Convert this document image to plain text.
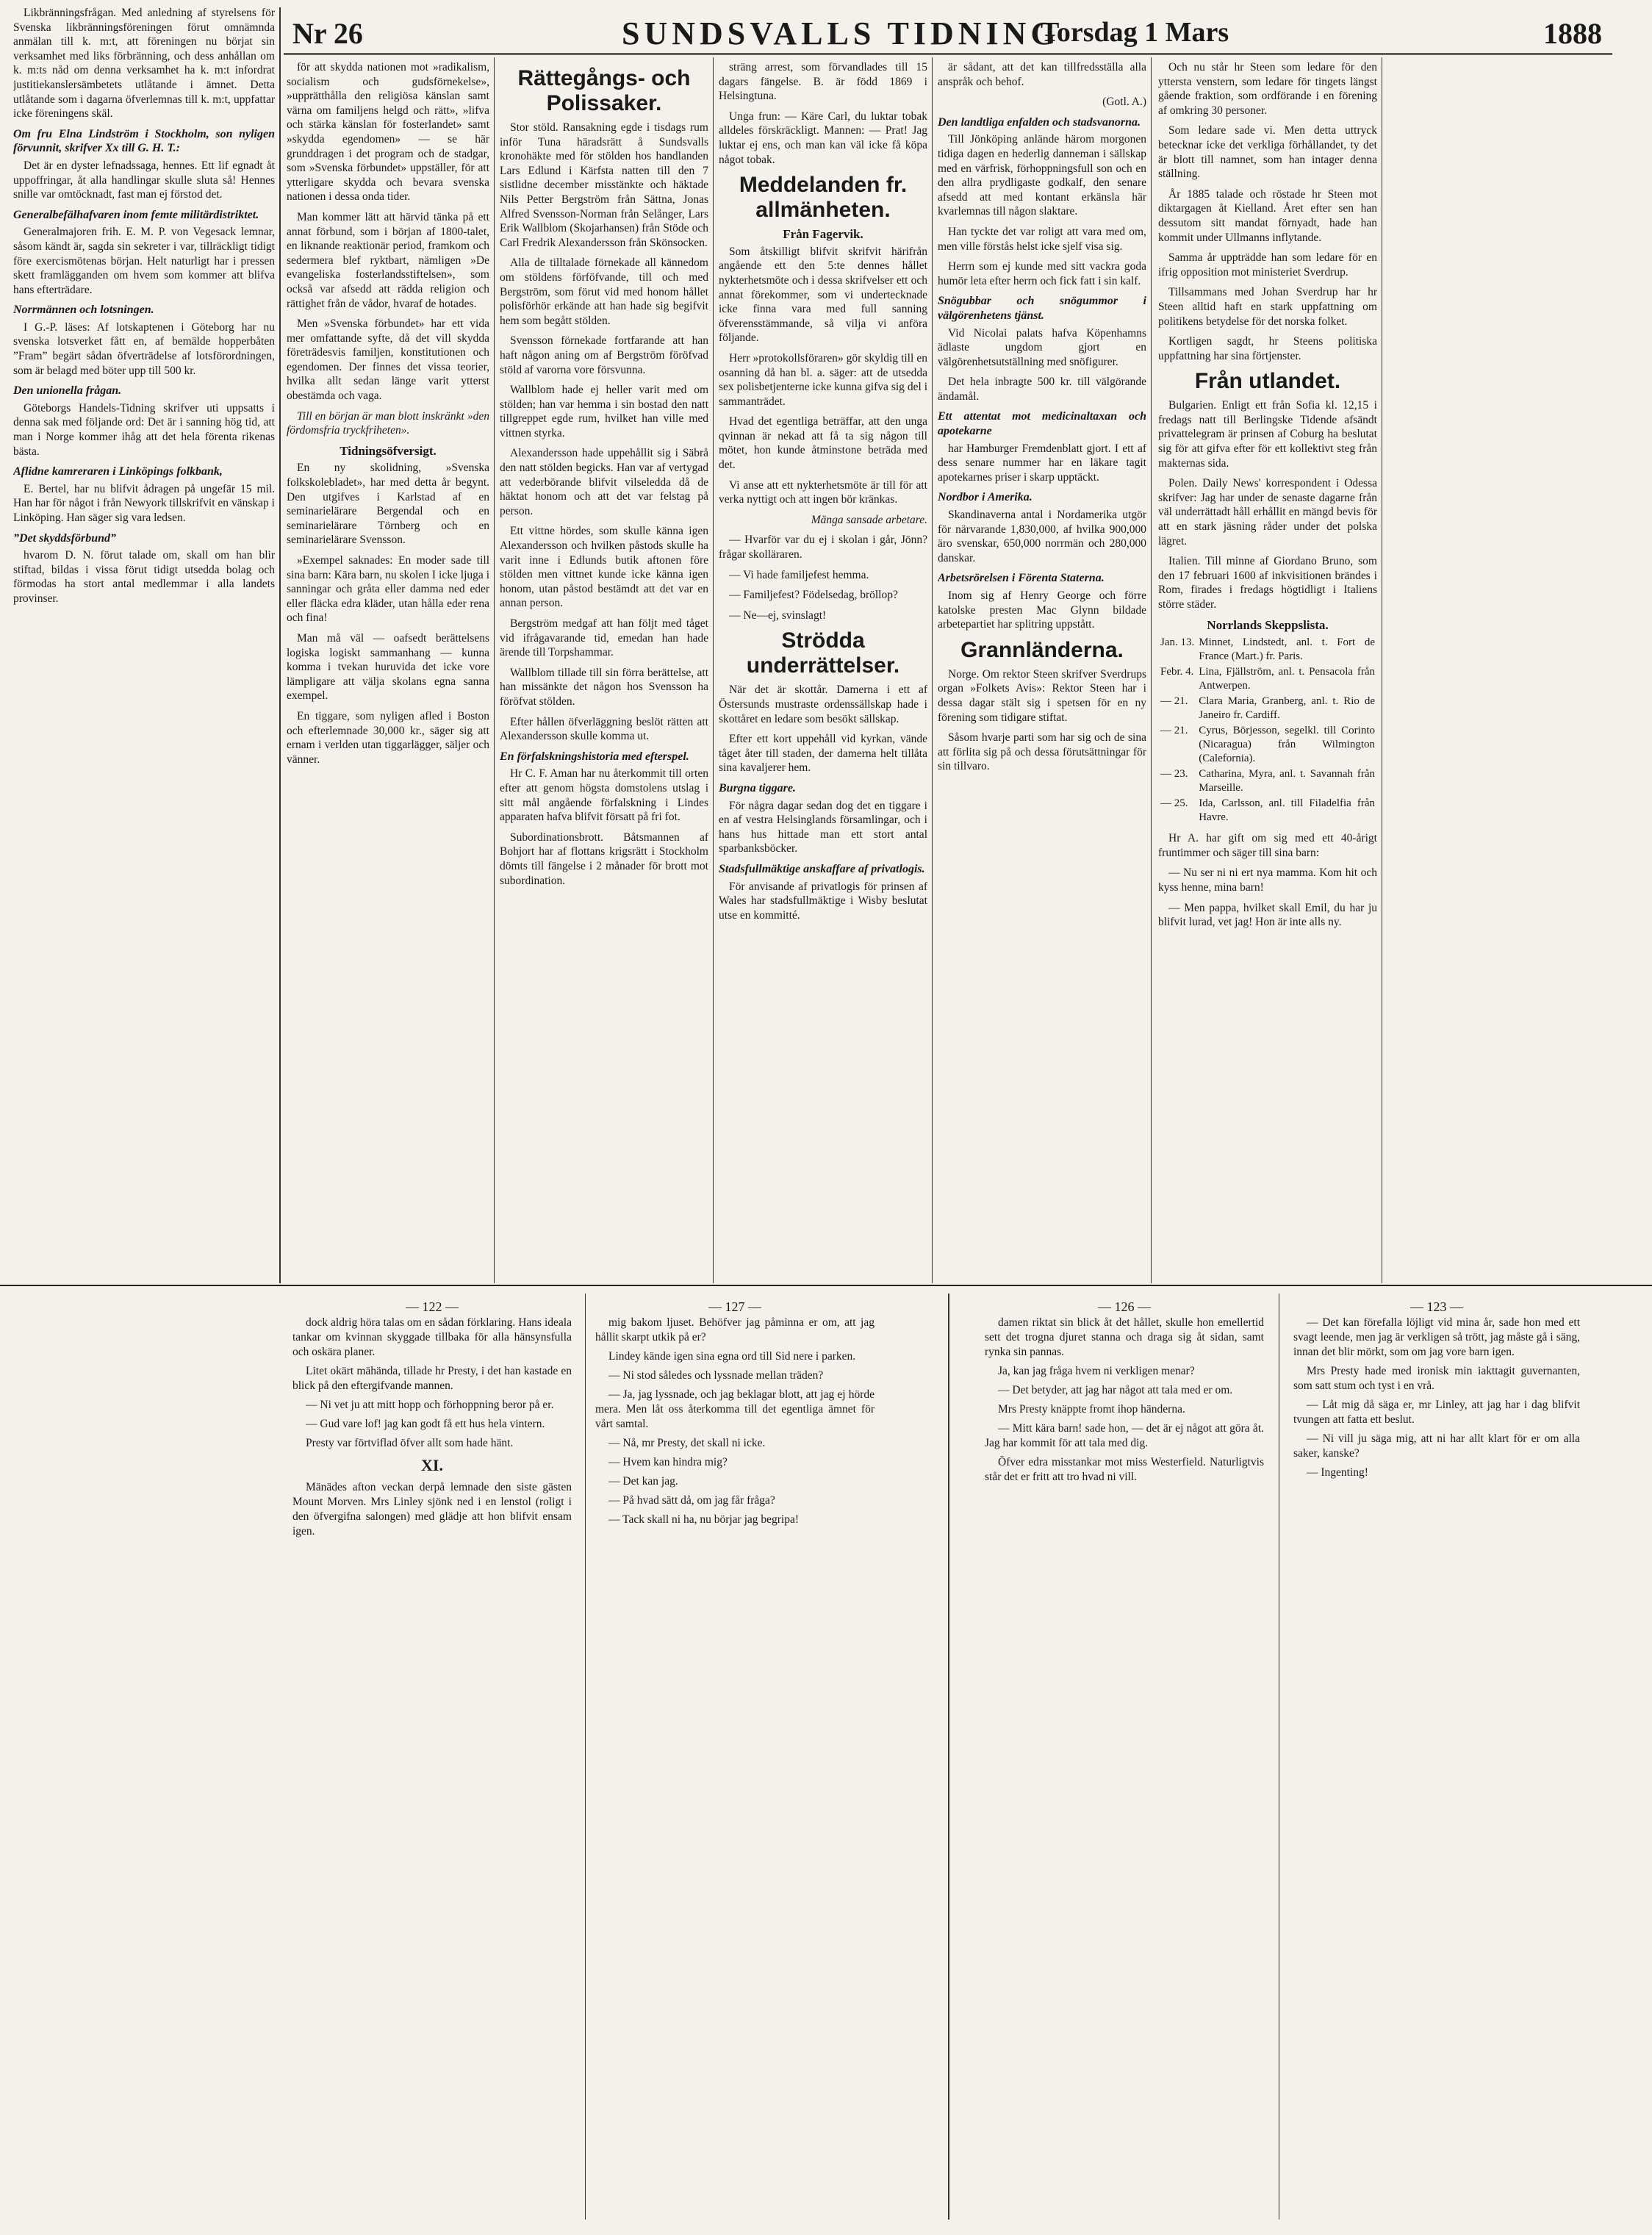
Nr 26	SUNDSVALLS TIDNING
Torsdag 1 Mars	1888

Likbränningsfrågan. Med anledning af styrelsens för Svenska likbränningsföreningen förut omnämnda anmälan till k. m:t, att föreningen nu börjat sin verksamhet med liks förbränning, och dess anhållan om k. m:ts nåd om denna verksamhet ha k. m:t infordrat justitiekanslersämbetets utlåtande i ämnet. Detta utlåtande som i dagarna öfverlemnas till k. m:t, uppfattar icke föreningens skäl.

Om fru Elna Lindström i Stockholm, son nyligen förvunnit, skrifver Xx till G. H. T.:

Det är en dyster lefnadssaga, hennes. Ett lif egnadt åt uppoffringar, åt alla handlingar skulle sluta så! Hennes snille var omtöcknadt, fast man ej förstod det.

Generalbefälhafvaren inom femte militärdistriktet.

Generalmajoren frih. E. M. P. von Vegesack lemnar, såsom kändt är, sagda sin sekreter i var, tillräckligt tidigt före exercismötenas början. Helt naturligt har i pressen skett framlägganden om hvem som kommer att blifva hans efterträdare.

Norrmännen och lotsningen.

I G.-P. läses: Af lotskaptenen i Göteborg har nu svenska lotsverket fått en, af bemälde hopperbåten ”Fram” begärt sådan öfverträdelse af lotsförordningen, som är belagd med böter upp till 500 kr.

Den unionella frågan.

Göteborgs Handels-Tidning skrifver uti uppsatts i denna sak med följande ord: Det är i sanning hög tid, att man i Norge kommer ihåg att det hela förenta rikenas bästa.

Aflidne kamreraren i Linköpings folkbank,

E. Bertel, har nu blifvit ådragen på ungefär 15 mil. Han har för något i från Newyork tillskrifvit en vänskap i Linköping. Han säger sig vara ledsen.

”Det skyddsförbund”

hvarom D. N. förut talade om, skall om han blir stiftad, bildas i vissa förut tidigt utsedda bolag och förmodas ha stort antal medlemmar i alla landets provinser.

för att skydda nationen mot »radikalism, socialism och gudsförnekelse», »upprätthålla den religiösa känslan samt värna om familjens helgd och rätt», »lifva och stärka känslan för fosterlandet» samt »skydda egendomen» — se här grunddragen i det program och de stadgar, som »Svenska förbundet» uppställer, för att ytterligare skydda och bevara svenska nationen i dessa onda tider.

Man kommer lätt att härvid tänka på ett annat förbund, som i början af 1800-talet, en liknande reaktionär period, framkom och sedermera blef ryktbart, nämligen »De evangeliska fosterlandsstiftelsen», som också var afsedd att rädda religion och rättighet från de vådor, hvaraf de hotades.

Men »Svenska förbundet» har ett vida mer omfattande syfte, då det vill skydda företrädesvis familjen, konstitutionen och egendomen. Der finnes det vissa teorier, hvilka allt sedan länge varit ytterst obestämda och vaga.

Till en början är man blott inskränkt »den fördomsfria tryckfriheten».

Tidningsöfversigt.

En ny skolidning, »Svenska folkskolebladet», har med detta år begynt. Den utgifves i Karlstad af en seminarielärare Bergendal och en seminarielärare Törnberg och en seminarielärare Svensson.

»Exempel saknades: En moder sade till sina barn: Kära barn, nu skolen I icke ljuga i sanningar och gråta eller damma ned eder eller fläcka edra kläder, utan hålla eder rena och fina!

Man må väl — oafsedt berättelsens logiska logiskt sammanhang — kunna komma i tvekan huruvida det icke vore lämpligare att välja skolans egna sanna exempel.

En tiggare, som nyligen afled i Boston och efterlemnade 30,000 kr., säger sig att ernam i verlden utan tiggarlägger, säljer och vänner.

Rättegångs- och Polissaker.

Stor stöld. Ransakning egde i tisdags rum inför Tuna häradsrätt å Sundsvalls kronohäkte med för stölden hos handlanden Lars Edlund i Kärfsta natten till den 7 sistlidne december misstänkte och häktade Nils Petter Bergström från Sättna, Jonas Alfred Svensson-Norman från Selånger, Lars Erik Wallblom (Skojarhansen) från Stöde och Carl Fredrik Alexandersson från Skönsocken.

Alla de tilltalade förnekade all kännedom om stöldens förföfvande, till och med Bergström, som förut vid med honom hållet polisförhör erkände att han hade sig begifvit hem som begått stölden.

Svensson förnekade fortfarande att han haft någon aning om af Bergström föröfvad stöld af varorna vore försvunna.

Wallblom hade ej heller varit med om stölden; han var hemma i sin bostad den natt tillgreppet egde rum, hvilket han ville med vittnen styrka.

Alexandersson hade uppehållit sig i Säbrå den natt stölden begicks. Han var af vertygad att vederbörande blifvit vilseledda då de häktat honom och att det var felstag på person.

Ett vittne hördes, som skulle känna igen Alexandersson och hvilken påstods skulle ha varit inne i Edlunds butik aftonen före stölden men vittnet kunde icke känna igen honom, utan påstod bestämdt att det var en annan person.

Bergström medgaf att han följt med tåget vid ifrågavarande tid, emedan han hade ärende till Torpshammar.

Wallblom tillade till sin förra berättelse, att han missänkte det någon hos Svensson ha föröfvat stölden.

Efter hållen öfverläggning beslöt rätten att Alexandersson skulle komma ut.

En förfalskningshistoria med efterspel.

Hr C. F. Aman har nu återkommit till orten efter att genom högsta domstolens utslag i sitt mål angående förfalskning i Lindes apparaten hafva blifvit försatt på fri fot.

Subordinationsbrott. Båtsmannen af Bohjort har af flottans krigsrätt i Stockholm dömts till fängelse i 2 månader för brott mot subordination.

sträng arrest, som förvandlades till 15 dagars fängelse. B. är född 1869 i Helsingtuna.

Unga frun: — Käre Carl, du luktar tobak alldeles förskräckligt. Mannen: — Prat! Jag luktar ej ens, och man kan väl icke få köpa något tobak.

Meddelanden fr. allmänheten.
Från Fagervik.

Som åtskilligt blifvit skrifvit härifrån angående ett den 5:te dennes hållet nykterhetsmöte och i dessa skrifvelser ett och annat förekommer, som vi undertecknade icke finna vara med full sanning öfverensstämmande, så vilja vi anföra följande.

Herr »protokollsföraren» gör skyldig till en osanning då han bl. a. säger: att de utsedda sex polisbetjenterne icke kunna gifva sig del i sammanträdet.

Hvad det egentliga beträffar, att den unga qvinnan är nekad att få ta sig någon till mötet, hon kunde åtminstone beträda med det.

Vi anse att ett nykterhetsmöte är till för att verka nyttigt och att ingen bör kränkas.

Mänga sansade arbetare.

— Hvarför var du ej i skolan i går, Jönn? frågar skolläraren.

— Vi hade familjefest hemma.

— Familjefest? Födelsedag, bröllop?

— Ne—ej, svinslagt!

Strödda underrättelser.

När det är skottår. Damerna i ett af Östersunds mustraste ordenssällskap hade i skottåret en ledare som besökt sällskap.

Efter ett kort uppehåll vid kyrkan, vände tåget åter till staden, der damerna helt tillåta sina kavaljerer hem.

Burgna tiggare.

För några dagar sedan dog det en tiggare i en af vestra Helsinglands församlingar, och i hans hus hittade man ett stort antal sparbanksböcker.

Stadsfullmäktige anskaffare af privatlogis.

För anvisande af privatlogis för prinsen af Wales har stadsfullmäktige i Wisby beslutat utse en kommitté.

är sådant, att det kan tillfredsställa alla anspråk och behof.

(Gotl. A.)

Den landtliga enfalden och stadsvanorna.

Till Jönköping anlände härom morgonen tidiga dagen en hederlig danneman i sällskap med en värfrisk, förhoppningsfull son och en den allra prydligaste godkalf, den senare afsedd att med kontant erkänsla här kvarlemnas till någon slaktare.

Han tyckte det var roligt att vara med om, men ville förstås helst icke sjelf visa sig.

Herrn som ej kunde med sitt vackra goda humör leta efter herrn och fick fatt i sin kalf.

Snögubbar och snögummor i välgörenhetens tjänst.

Vid Nicolai palats hafva Köpenhamns ädlaste ungdom gjort en välgörenhetsutställning med snöfigurer.

Det hela inbragte 500 kr. till välgörande ändamål.

Ett attentat mot medicinaltaxan och apotekarne

har Hamburger Fremdenblatt gjort. I ett af dess senare nummer har en läkare tagit apotekarnes priser i skarp upptäckt.

Nordbor i Amerika.

Skandinaverna antal i Nordamerika utgör för närvarande 1,830,000, af hvilka 900,000 äro svenskar, 650,000 norrmän och 280,000 danskar.

Arbetsrörelsen i Förenta Staterna.

Inom sig af Henry George och förre katolske presten Mac Glynn bildade arbetepartiet har splitring uppstått.

Grannländerna.

Norge. Om rektor Steen skrifver Sverdrups organ »Folkets Avis»: Rektor Steen har i dessa dagar stält sig i spetsen för en ny förening som tidigare stiftat.

Såsom hvarje parti som har sig och de sina att förlita sig på och dessa förutsättningar för sin tillvaro.

Och nu står hr Steen som ledare för den yttersta venstern, som ledare för tingets längst gående fraktion, som ordförande i en förening af omkring 30 personer.

Som ledare sade vi. Men detta uttryck betecknar icke det verkliga förhållandet, ty det är blott till namnet, som han intager denna ställning.

År 1885 talade och röstade hr Steen mot diktargagen åt Kielland. Året efter sen han dessutom sitt mandat förnyadt, hade han kommit under Ullmanns inflytande.

Samma år uppträdde han som ledare för en ifrig opposition mot ministeriet Sverdrup.

Tillsammans med Johan Sverdrup har hr Steen alltid haft en stark uppfattning om politikens betydelse för det norska folket.

Kortligen sagdt, hr Steens politiska uppfattning har sina förtjenster.

Från utlandet.

Bulgarien. Enligt ett från Sofia kl. 12,15 i fredags natt till Berlingske Tidende afsändt privattelegram är prinsen af Coburg ha beslutat sig för att gifva efter för ett kollektivt steg från makternas sida.

Polen. Daily News' korrespondent i Odessa skrifver: Jag har under de senaste dagarne från väl underrättadt håll erhållit en mängd bevis för att en stark jäsning råder under det polska lägret.

Italien. Till minne af Giordano Bruno, som den 17 februari 1600 af inkvisitionen brändes i Rom, firades i fredags högtidligt i Italiens större städer.

Norrlands Skeppslista.
Jan. 13.	Minnet, Lindstedt, anl. t. Fort de France (Mart.) fr. Paris.
Febr. 4.	Lina, Fjällström, anl. t. Pensacola från Antwerpen.
— 21.	Clara Maria, Granberg, anl. t. Rio de Janeiro fr. Cardiff.
— 21.	Cyrus, Börjesson, segelkl. till Corinto (Nicaragua) från Wilmington (Calefornia).
— 23.	Catharina, Myra, anl. t. Savannah från Marseille.
— 25.	Ida, Carlsson, anl. till Filadelfia från Havre.

Hr A. har gift om sig med ett 40-årigt fruntimmer och säger till sina barn:

— Nu ser ni ni ert nya mamma. Kom hit och kyss henne, mina barn!

— Men pappa, hvilket skall Emil, du har ju blifvit lurad, vet jag! Hon är inte alls ny.

— 122 —

dock aldrig höra talas om en sådan förklaring. Hans ideala tankar om kvinnan skyggade tillbaka för alla hänsynsfulla och oskära planer.

Litet okärt mähända, tillade hr Presty, i det han kastade en blick på den eftergifvande mannen.

— Ni vet ju att mitt hopp och förhoppning beror på er.

— Gud vare lof! jag kan godt få ett hus hela vintern.

Presty var förtviflad öfver allt som hade hänt.

XI.

Mänädes afton veckan derpå lemnade den siste gästen Mount Morven. Mrs Linley sjönk ned i en lenstol (roligt i den öfvergifna salongen) med glädje att hon blifvit ensam igen.

— 127 —

mig bakom ljuset. Behöfver jag påminna er om, att jag hållit skarpt utkik på er?

Lindey kände igen sina egna ord till Sid nere i parken.

— Ni stod således och lyssnade mellan träden?

— Ja, jag lyssnade, och jag beklagar blott, att jag ej hörde mera. Men låt oss återkomma till det egentliga ämnet för vårt samtal.

— Nå, mr Presty, det skall ni icke.

— Hvem kan hindra mig?

— Det kan jag.

— På hvad sätt då, om jag får fråga?

— Tack skall ni ha, nu börjar jag begripa!

— 126 —

damen riktat sin blick åt det hållet, skulle hon emellertid sett det trogna djuret stanna och draga sig åt sidan, samt rynka sin pannas.

Ja, kan jag fråga hvem ni verkligen menar?

— Det betyder, att jag har något att tala med er om.

Mrs Presty knäppte fromt ihop händerna.

— Mitt kära barn! sade hon, — det är ej något att göra åt. Jag har kommit för att tala med dig.

Öfver edra misstankar mot miss Westerfield. Naturligtvis står det er fritt att tro hvad ni vill.

— 123 —

— Det kan förefalla löjligt vid mina år, sade hon med ett svagt leende, men jag är verkligen så trött, jag måste gå i säng, innan det blir mörkt, som om jag vore barn igen.

Mrs Presty hade med ironisk min iakttagit guvernanten, som satt stum och tyst i en vrå.

— Låt mig då säga er, mr Linley, att jag har i dag blifvit tvungen att fatta ett beslut.

— Ni vill ju säga mig, att ni har allt klart för er om alla saker, kanske?

— Ingenting!
